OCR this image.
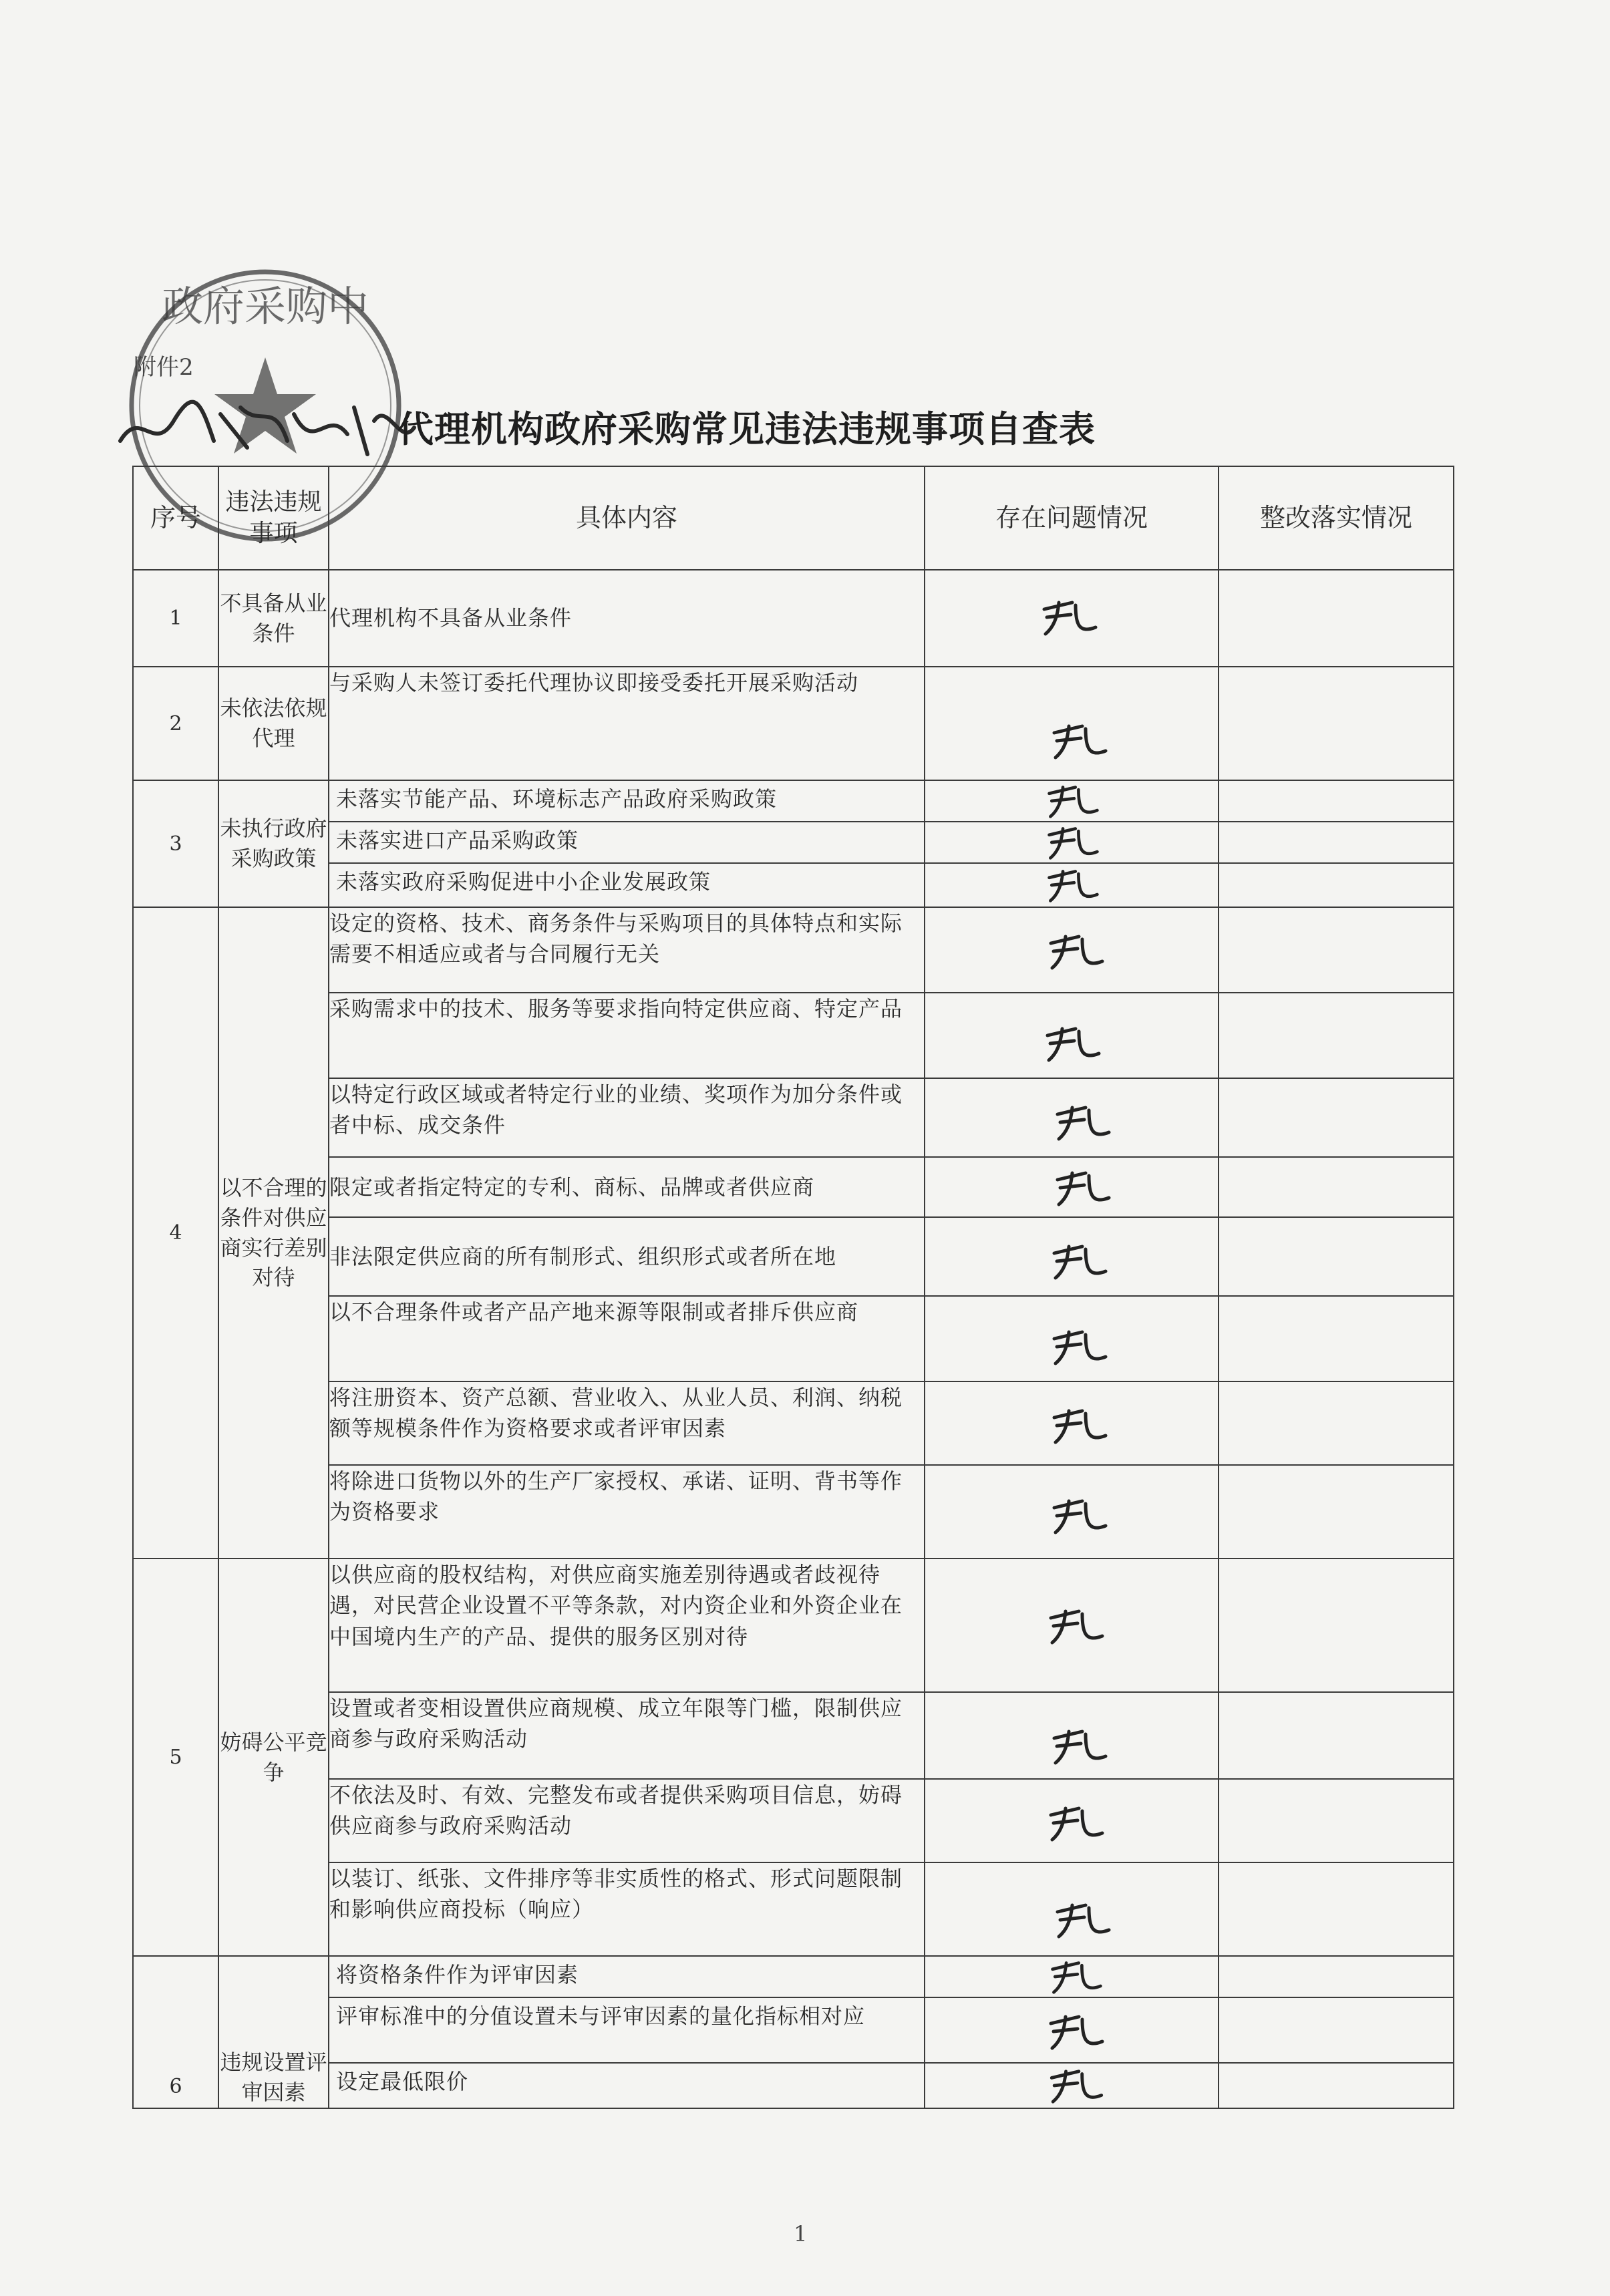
政府采购中
附件2
代理机构政府采购常见违法违规事项自查表
序号	违法违规事项	具体内容	存在问题情况	整改落实情况
1	不具备从业条件	代理机构不具备从业条件	

2	未依法依规代理	与采购人未签订委托代理协议即接受委托开展采购活动	

3	未执行政府采购政策	未落实节能产品、环境标志产品政府采购政策	

		未落实进口产品采购政策	

		未落实政府采购促进中小企业发展政策	

4	以不合理的条件对供应商实行差别对待	设定的资格、技术、商务条件与采购项目的具体特点和实际需要不相适应或者与合同履行无关	

		采购需求中的技术、服务等要求指向特定供应商、特定产品	

		以特定行政区域或者特定行业的业绩、奖项作为加分条件或者中标、成交条件	

		限定或者指定特定的专利、商标、品牌或者供应商	

		非法限定供应商的所有制形式、组织形式或者所在地	

		以不合理条件或者产品产地来源等限制或者排斥供应商	

		将注册资本、资产总额、营业收入、从业人员、利润、纳税额等规模条件作为资格要求或者评审因素	

		将除进口货物以外的生产厂家授权、承诺、证明、背书等作为资格要求	

5	妨碍公平竞争	以供应商的股权结构，对供应商实施差别待遇或者歧视待遇，对民营企业设置不平等条款，对内资企业和外资企业在中国境内生产的产品、提供的服务区别对待	

		设置或者变相设置供应商规模、成立年限等门槛，限制供应商参与政府采购活动	

		不依法及时、有效、完整发布或者提供采购项目信息，妨碍供应商参与政府采购活动	

		以装订、纸张、文件排序等非实质性的格式、形式问题限制和影响供应商投标（响应）	

6	违规设置评审因素	将资格条件作为评审因素	

		评审标准中的分值设置未与评审因素的量化指标相对应	

		设定最低限价	

1
